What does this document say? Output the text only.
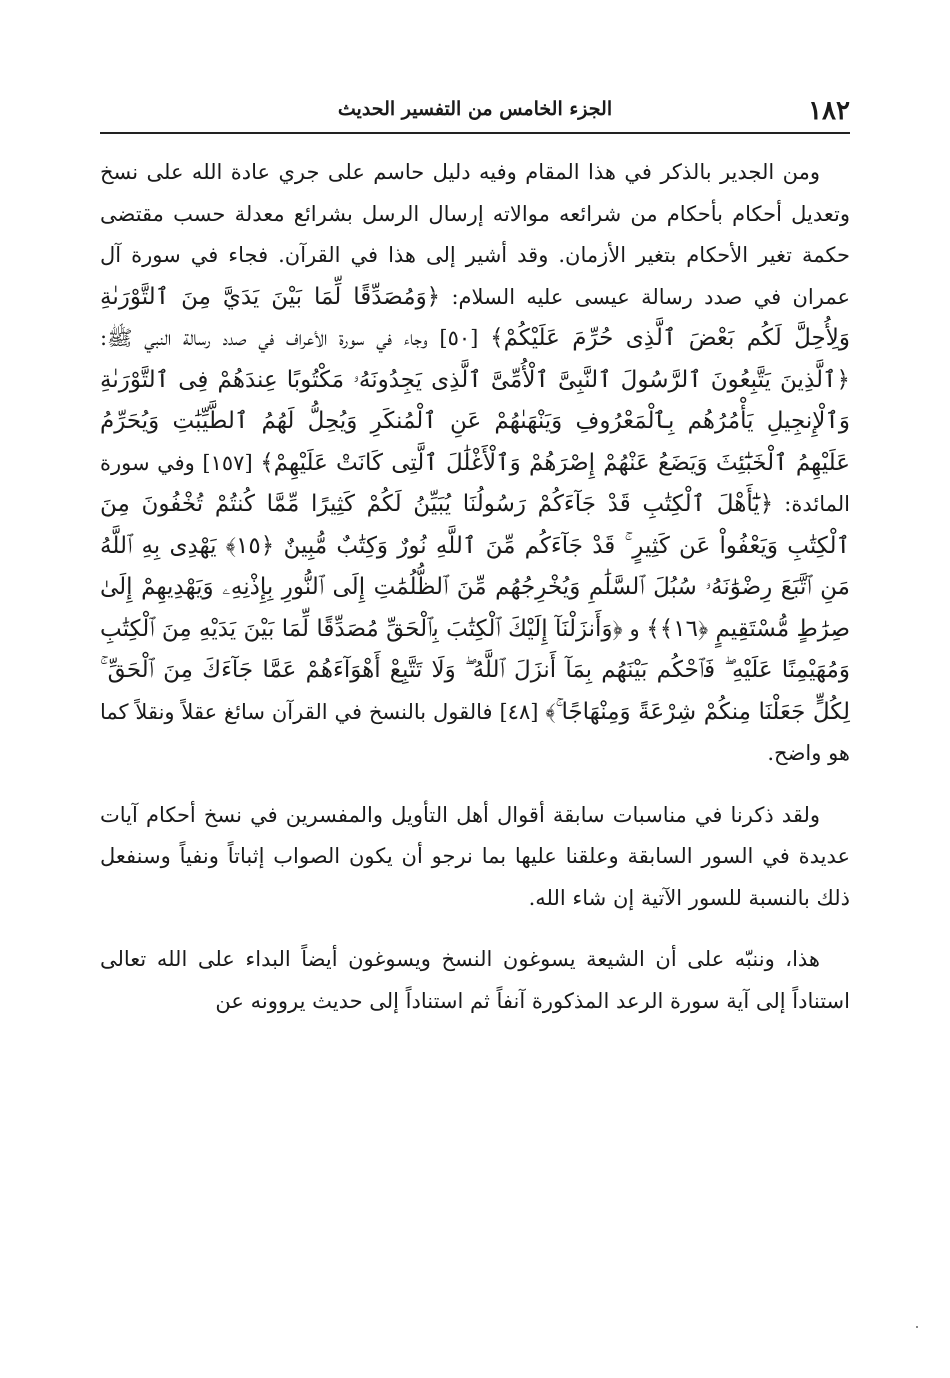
١٨٢
الجزء الخامس من التفسير الحديث

ومن الجدير بالذكر في هذا المقام وفيه دليل حاسم على جري عادة الله على نسخ وتعديل أحكام بأحكام من شرائعه موالاته إرسال الرسل بشرائع معدلة حسب مقتضى حكمة تغير الأحكام بتغير الأزمان. وقد أشير إلى هذا في القرآن. فجاء في سورة آل عمران في صدد رسالة عيسى عليه السلام: ﴿وَمُصَدِّقًا لِّمَا بَيْنَ يَدَيَّ مِنَ ٱلتَّوْرَىٰةِ وَلِأُحِلَّ لَكُم بَعْضَ ٱلَّذِى حُرِّمَ عَلَيْكُمْ﴾ [٥٠] وجاء في سورة الأعراف في صدد رسالة النبي ﷺ: ﴿ٱلَّذِينَ يَتَّبِعُونَ ٱلرَّسُولَ ٱلنَّبِىَّ ٱلْأُمِّىَّ ٱلَّذِى يَجِدُونَهُۥ مَكْتُوبًا عِندَهُمْ فِى ٱلتَّوْرَىٰةِ وَٱلْإِنجِيلِ يَأْمُرُهُم بِٱلْمَعْرُوفِ وَيَنْهَىٰهُمْ عَنِ ٱلْمُنكَرِ وَيُحِلُّ لَهُمُ ٱلطَّيِّبَٰتِ وَيُحَرِّمُ عَلَيْهِمُ ٱلْخَبَٰٓئِثَ وَيَضَعُ عَنْهُمْ إِصْرَهُمْ وَٱلْأَغْلَٰلَ ٱلَّتِى كَانَتْ عَلَيْهِمْ﴾ [١٥٧] وفي سورة المائدة: ﴿يَٰٓأَهْلَ ٱلْكِتَٰبِ قَدْ جَآءَكُمْ رَسُولُنَا يُبَيِّنُ لَكُمْ كَثِيرًا مِّمَّا كُنتُمْ تُخْفُونَ مِنَ ٱلْكِتَٰبِ وَيَعْفُواْ عَن كَثِيرٍ ۚ قَدْ جَآءَكُم مِّنَ ٱللَّهِ نُورٌ وَكِتَٰبٌ مُّبِينٌ ﴿١٥﴾ يَهْدِى بِهِ ٱللَّهُ مَنِ ٱتَّبَعَ رِضْوَٰنَهُۥ سُبُلَ ٱلسَّلَٰمِ وَيُخْرِجُهُم مِّنَ ٱلظُّلُمَٰتِ إِلَى ٱلنُّورِ بِإِذْنِهِۦ وَيَهْدِيهِمْ إِلَىٰ صِرَٰطٍ مُّسْتَقِيمٍ ﴿١٦﴾﴾ و ﴿وَأَنزَلْنَآ إِلَيْكَ ٱلْكِتَٰبَ بِٱلْحَقِّ مُصَدِّقًا لِّمَا بَيْنَ يَدَيْهِ مِنَ ٱلْكِتَٰبِ وَمُهَيْمِنًا عَلَيْهِ ۖ فَٱحْكُم بَيْنَهُم بِمَآ أَنزَلَ ٱللَّهُ ۖ وَلَا تَتَّبِعْ أَهْوَآءَهُمْ عَمَّا جَآءَكَ مِنَ ٱلْحَقِّ ۚ لِكُلٍّ جَعَلْنَا مِنكُمْ شِرْعَةً وَمِنْهَاجًا ۚ﴾ [٤٨] فالقول بالنسخ في القرآن سائغ عقلاً ونقلاً كما هو واضح.

ولقد ذكرنا في مناسبات سابقة أقوال أهل التأويل والمفسرين في نسخ أحكام آيات عديدة في السور السابقة وعلقنا عليها بما نرجو أن يكون الصواب إثباتاً ونفياً وسنفعل ذلك بالنسبة للسور الآتية إن شاء الله.

هذا، وننبّه على أن الشيعة يسوغون النسخ ويسوغون أيضاً البداء على الله تعالى استناداً إلى آية سورة الرعد المذكورة آنفاً ثم استناداً إلى حديث يروونه عن
